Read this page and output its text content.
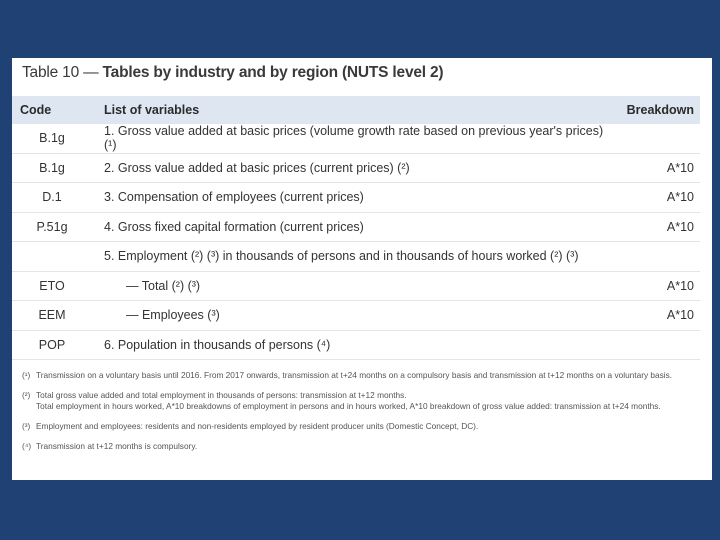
Table 10 — Tables by industry and by region (NUTS level 2)
Code	List of variables	Breakdown
B.1g	1. Gross value added at basic prices (volume growth rate based on previous year's prices) (¹)	
B.1g	2. Gross value added at basic prices (current prices) (²)	A*10
D.1	3. Compensation of employees (current prices)	A*10
P.51g	4. Gross fixed capital formation (current prices)	A*10
	5. Employment (²) (³) in thousands of persons and in thousands of hours worked (²) (³)	
ETO	— Total (²) (³)	A*10
EEM	— Employees (³)	A*10
POP	6. Population in thousands of persons (⁴)	
(¹) Transmission on a voluntary basis until 2016. From 2017 onwards, transmission at t+24 months on a compulsory basis and transmission at t+12 months on a voluntary basis.
(²) Total gross value added and total employment in thousands of persons: transmission at t+12 months.
Total employment in hours worked, A*10 breakdowns of employment in persons and in hours worked, A*10 breakdown of gross value added: transmission at t+24 months.
(³) Employment and employees: residents and non-residents employed by resident producer units (Domestic Concept, DC).
(⁴) Transmission at t+12 months is compulsory.
